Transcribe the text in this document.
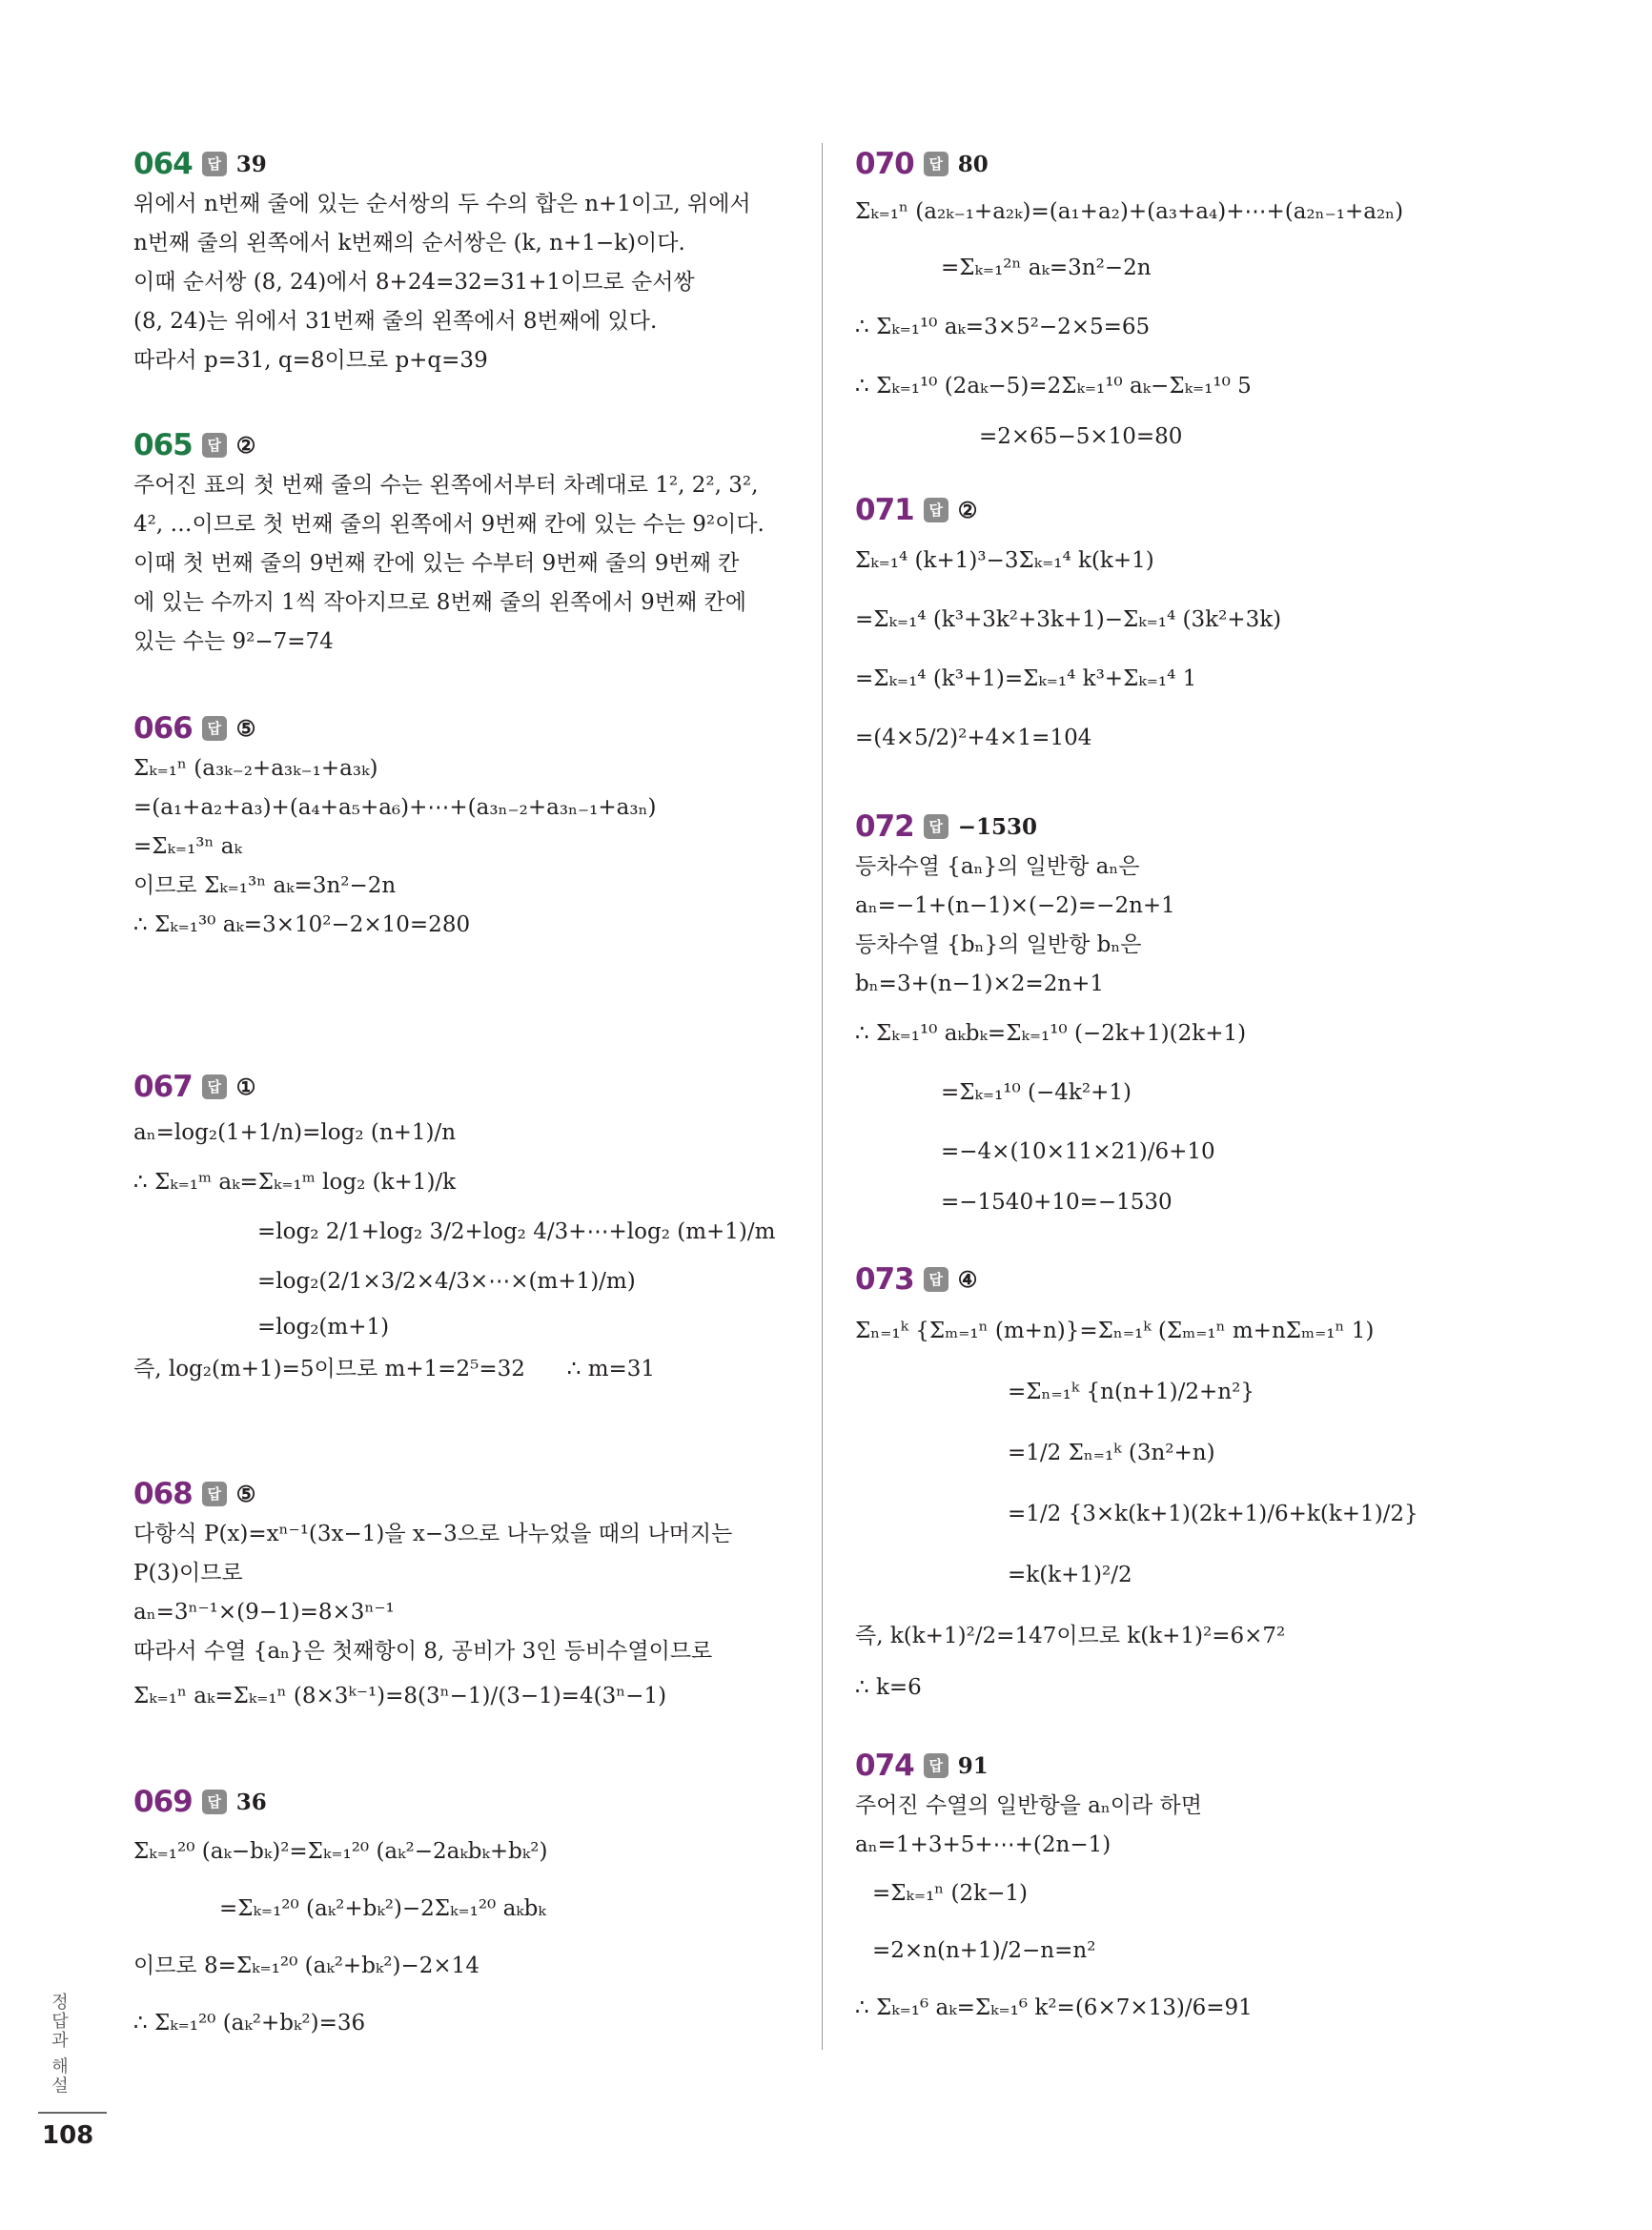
064	답 39
위에서 n번째 줄에 있는 순서쌍의 두 수의 합은 n+1이고, 위에서
n번째 줄의 왼쪽에서 k번째의 순서쌍은 (k, n+1−k)이다.
이때 순서쌍 (8, 24)에서 8+24=32=31+1이므로 순서쌍
(8, 24)는 위에서 31번째 줄의 왼쪽에서 8번째에 있다.
따라서 p=31, q=8이므로 p+q=39
065	답 ②
주어진 표의 첫 번째 줄의 수는 왼쪽에서부터 차례대로 1², 2², 3²,
4², …이므로 첫 번째 줄의 왼쪽에서 9번째 칸에 있는 수는 9²이다.
이때 첫 번째 줄의 9번째 칸에 있는 수부터 9번째 줄의 9번째 칸
에 있는 수까지 1씩 작아지므로 8번째 줄의 왼쪽에서 9번째 칸에
있는 수는 9²−7=74
066	답 ⑤
Σₖ₌₁ⁿ (a₃ₖ₋₂+a₃ₖ₋₁+a₃ₖ)
=(a₁+a₂+a₃)+(a₄+a₅+a₆)+⋯+(a₃ₙ₋₂+a₃ₙ₋₁+a₃ₙ)
=Σₖ₌₁³ⁿ aₖ
이므로 Σₖ₌₁³ⁿ aₖ=3n²−2n
∴ Σₖ₌₁³⁰ aₖ=3×10²−2×10=280
067	답 ①
aₙ=log₂(1+1/n)=log₂ (n+1)/n
∴ Σₖ₌₁ᵐ aₖ=Σₖ₌₁ᵐ log₂ (k+1)/k
=log₂ 2/1+log₂ 3/2+log₂ 4/3+⋯+log₂ (m+1)/m
=log₂(2/1×3/2×4/3×⋯×(m+1)/m)
=log₂(m+1)
즉, log₂(m+1)=5이므로 m+1=2⁵=32      ∴ m=31
068	답 ⑤
다항식 P(x)=xⁿ⁻¹(3x−1)을 x−3으로 나누었을 때의 나머지는
P(3)이므로
aₙ=3ⁿ⁻¹×(9−1)=8×3ⁿ⁻¹
따라서 수열 {aₙ}은 첫째항이 8, 공비가 3인 등비수열이므로
Σₖ₌₁ⁿ aₖ=Σₖ₌₁ⁿ (8×3ᵏ⁻¹)=8(3ⁿ−1)/(3−1)=4(3ⁿ−1)
069	답 36
Σₖ₌₁²⁰ (aₖ−bₖ)²=Σₖ₌₁²⁰ (aₖ²−2aₖbₖ+bₖ²)
=Σₖ₌₁²⁰ (aₖ²+bₖ²)−2Σₖ₌₁²⁰ aₖbₖ
이므로 8=Σₖ₌₁²⁰ (aₖ²+bₖ²)−2×14
∴ Σₖ₌₁²⁰ (aₖ²+bₖ²)=36
070	답 80
Σₖ₌₁ⁿ (a₂ₖ₋₁+a₂ₖ)=(a₁+a₂)+(a₃+a₄)+⋯+(a₂ₙ₋₁+a₂ₙ)
=Σₖ₌₁²ⁿ aₖ=3n²−2n
∴ Σₖ₌₁¹⁰ aₖ=3×5²−2×5=65
∴ Σₖ₌₁¹⁰ (2aₖ−5)=2Σₖ₌₁¹⁰ aₖ−Σₖ₌₁¹⁰ 5
=2×65−5×10=80
071	답 ②
Σₖ₌₁⁴ (k+1)³−3Σₖ₌₁⁴ k(k+1)
=Σₖ₌₁⁴ (k³+3k²+3k+1)−Σₖ₌₁⁴ (3k²+3k)
=Σₖ₌₁⁴ (k³+1)=Σₖ₌₁⁴ k³+Σₖ₌₁⁴ 1
=(4×5/2)²+4×1=104
072	답 −1530
등차수열 {aₙ}의 일반항 aₙ은
aₙ=−1+(n−1)×(−2)=−2n+1
등차수열 {bₙ}의 일반항 bₙ은
bₙ=3+(n−1)×2=2n+1
∴ Σₖ₌₁¹⁰ aₖbₖ=Σₖ₌₁¹⁰ (−2k+1)(2k+1)
=Σₖ₌₁¹⁰ (−4k²+1)
=−4×(10×11×21)/6+10
=−1540+10=−1530
073	답 ④
Σₙ₌₁ᵏ {Σₘ₌₁ⁿ (m+n)}=Σₙ₌₁ᵏ (Σₘ₌₁ⁿ m+nΣₘ₌₁ⁿ 1)
=Σₙ₌₁ᵏ {n(n+1)/2+n²}
=1/2 Σₙ₌₁ᵏ (3n²+n)
=1/2 {3×k(k+1)(2k+1)/6+k(k+1)/2}
=k(k+1)²/2
즉, k(k+1)²/2=147이므로 k(k+1)²=6×7²
∴ k=6
074	답 91
주어진 수열의 일반항을 aₙ이라 하면
aₙ=1+3+5+⋯+(2n−1)
=Σₖ₌₁ⁿ (2k−1)
=2×n(n+1)/2−n=n²
∴ Σₖ₌₁⁶ aₖ=Σₖ₌₁⁶ k²=(6×7×13)/6=91
정답과 해설
108
